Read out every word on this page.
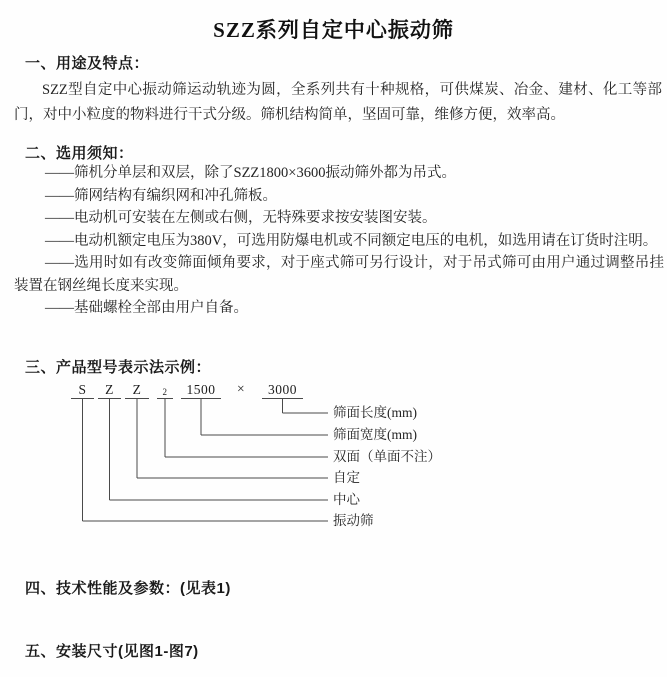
SZZ系列自定中心振动筛
一、用途及特点：
SZZ型自定中心振动筛运动轨迹为圆，全系列共有十种规格，可供煤炭、冶金、建材、化工等部
门，对中小粒度的物料进行干式分级。筛机结构简单，坚固可靠，维修方便，效率高。
二、选用须知：
——筛机分单层和双层，除了SZZ1800×3600振动筛外都为吊式。
——筛网结构有编织网和冲孔筛板。
——电动机可安装在左侧或右侧，无特殊要求按安装图安装。
——电动机额定电压为380V，可选用防爆电机或不同额定电压的电机，如选用请在订货时注明。
——选用时如有改变筛面倾角要求，对于座式筛可另行设计，对于吊式筛可由用户通过调整吊挂
装置在钢丝绳长度来实现。
——基础螺栓全部由用户自备。
三、产品型号表示法示例：
S	Z	Z	2	1500	×	3000
筛面长度(mm)
筛面宽度(mm)
双面（单面不注）
自定
中心
振动筛
四、技术性能及参数：(见表1)
五、安装尺寸(见图1-图7)
